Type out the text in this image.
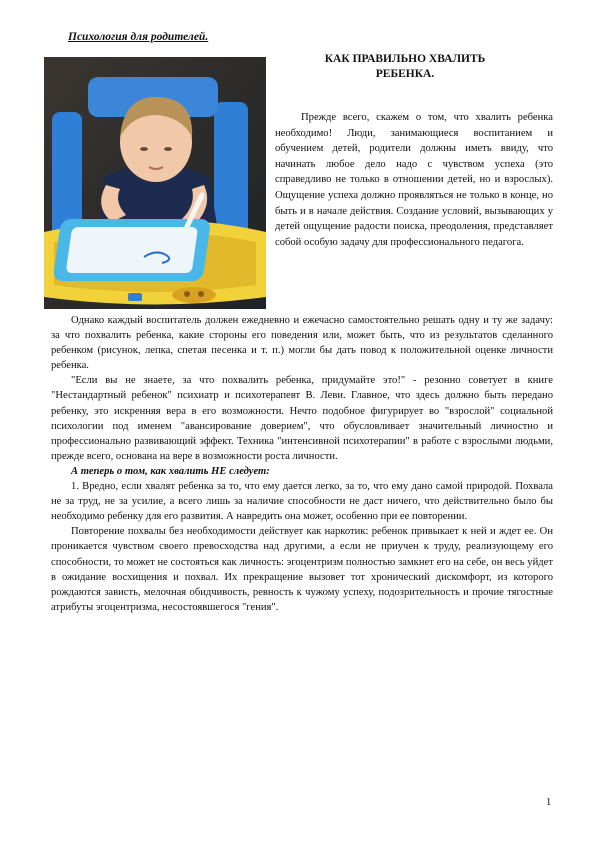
Психология для родителей.
КАК ПРАВИЛЬНО ХВАЛИТЬ
РЕБЕНКА.

Прежде всего, скажем о том, что хвалить ребенка необходимо! Люди, занимающиеся воспитанием и обучением детей, родители должны иметь ввиду, что начинать любое дело надо с чувством успеха (это справедливо не только в отношении детей, но и взрослых). Ощущение успеха должно проявляться не только в конце, но быть и в начале действия. Создание условий, вызывающих у детей ощущение радости поиска, преодоления, представляет собой особую задачу для профессионального педагога.

Однако каждый воспитатель должен ежедневно и ежечасно самостоятельно решать одну и ту же задачу: за что похвалить ребенка, какие стороны его поведения или, может быть, что из результатов сделанного ребенком (рисунок, лепка, спетая песенка и т. п.) могли бы дать повод к положительной оценке личности ребенка.

"Если вы не знаете, за что похвалить ребенка, придумайте это!" - резонно советует в книге "Нестандартный ребенок" психиатр и психотерапевт В. Леви. Главное, что здесь должно быть передано ребенку, это искренняя вера в его возможности. Нечто подобное фигурирует во "взрослой" социальной психологии под именем "авансирование доверием", что обусловливает значительный личностно и профессионально развивающий эффект. Техника "интенсивной психотерапии" в работе с взрослыми людьми, прежде всего, основана на вере в возможности роста личности.

А теперь о том, как хвалить НЕ следует:

1. Вредно, если хвалят ребенка за то, что ему дается легко, за то, что ему дано самой природой. Похвала не за труд, не за усилие, а всего лишь за наличие способности не даст ничего, что действительно было бы необходимо ребенку для его развития. А навредить она может, особенно при ее повторении.

Повторение похвалы без необходимости действует как наркотик: ребенок привыкает к ней и ждет ее. Он проникается чувством своего превосходства над другими, а если не приучен к труду, реализующему его способности, то может не состояться как личность: эгоцентризм полностью замкнет его на себе, он весь уйдет в ожидание восхищения и похвал. Их прекращение вызовет тот хронический дискомфорт, из которого рождаются зависть, мелочная обидчивость, ревность к чужому успеху, подозрительность и прочие тягостные атрибуты эгоцентризма, несостоявшегося "гения".

1
